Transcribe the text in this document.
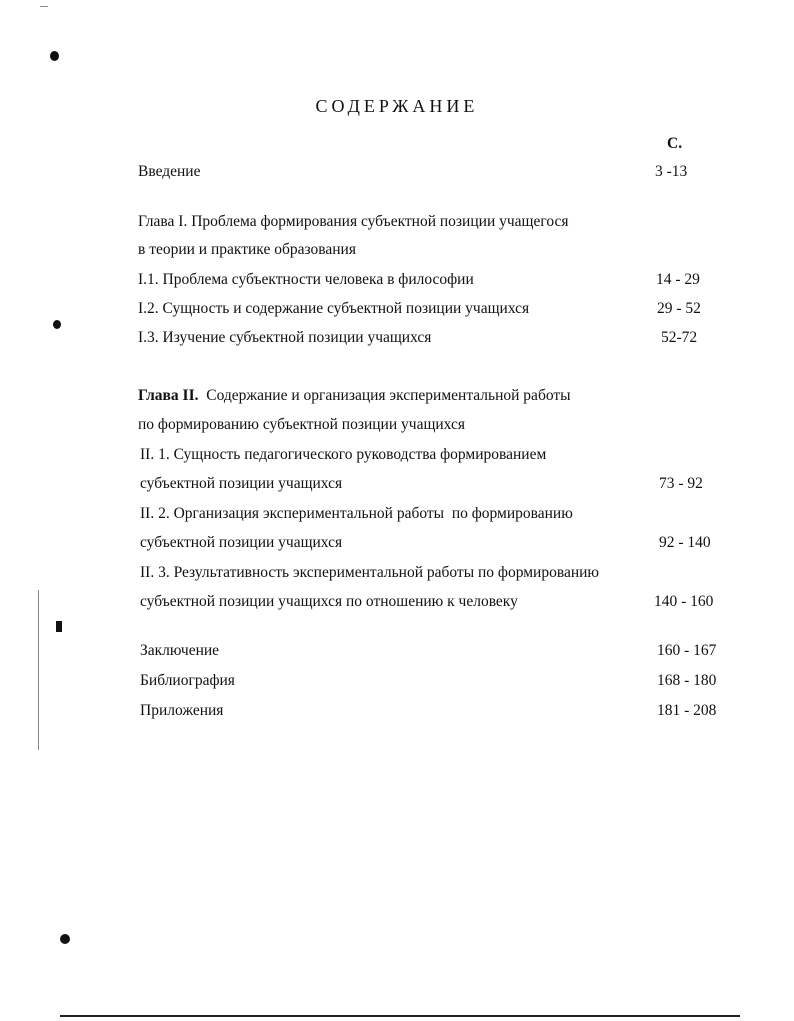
СОДЕРЖАНИЕ
С.
Введение	3 -13
Глава I. Проблема формирования субъектной позиции учащегося
в теории и практике образования
I.1. Проблема субъектности человека в философии	14 - 29
I.2. Сущность и содержание субъектной позиции учащихся	29 - 52
I.3. Изучение субъектной позиции учащихся	52-72
Глава II.  Содержание и организация экспериментальной работы
по формированию субъектной позиции учащихся
II. 1. Сущность педагогического руководства формированием
субъектной позиции учащихся	73 - 92
II. 2. Организация экспериментальной работы  по формированию
субъектной позиции учащихся	92 - 140
II. 3. Результативность экспериментальной работы по формированию
субъектной позиции учащихся по отношению к человеку	140 - 160
Заключение	160 - 167
Библиография	168 - 180
Приложения	181 - 208
